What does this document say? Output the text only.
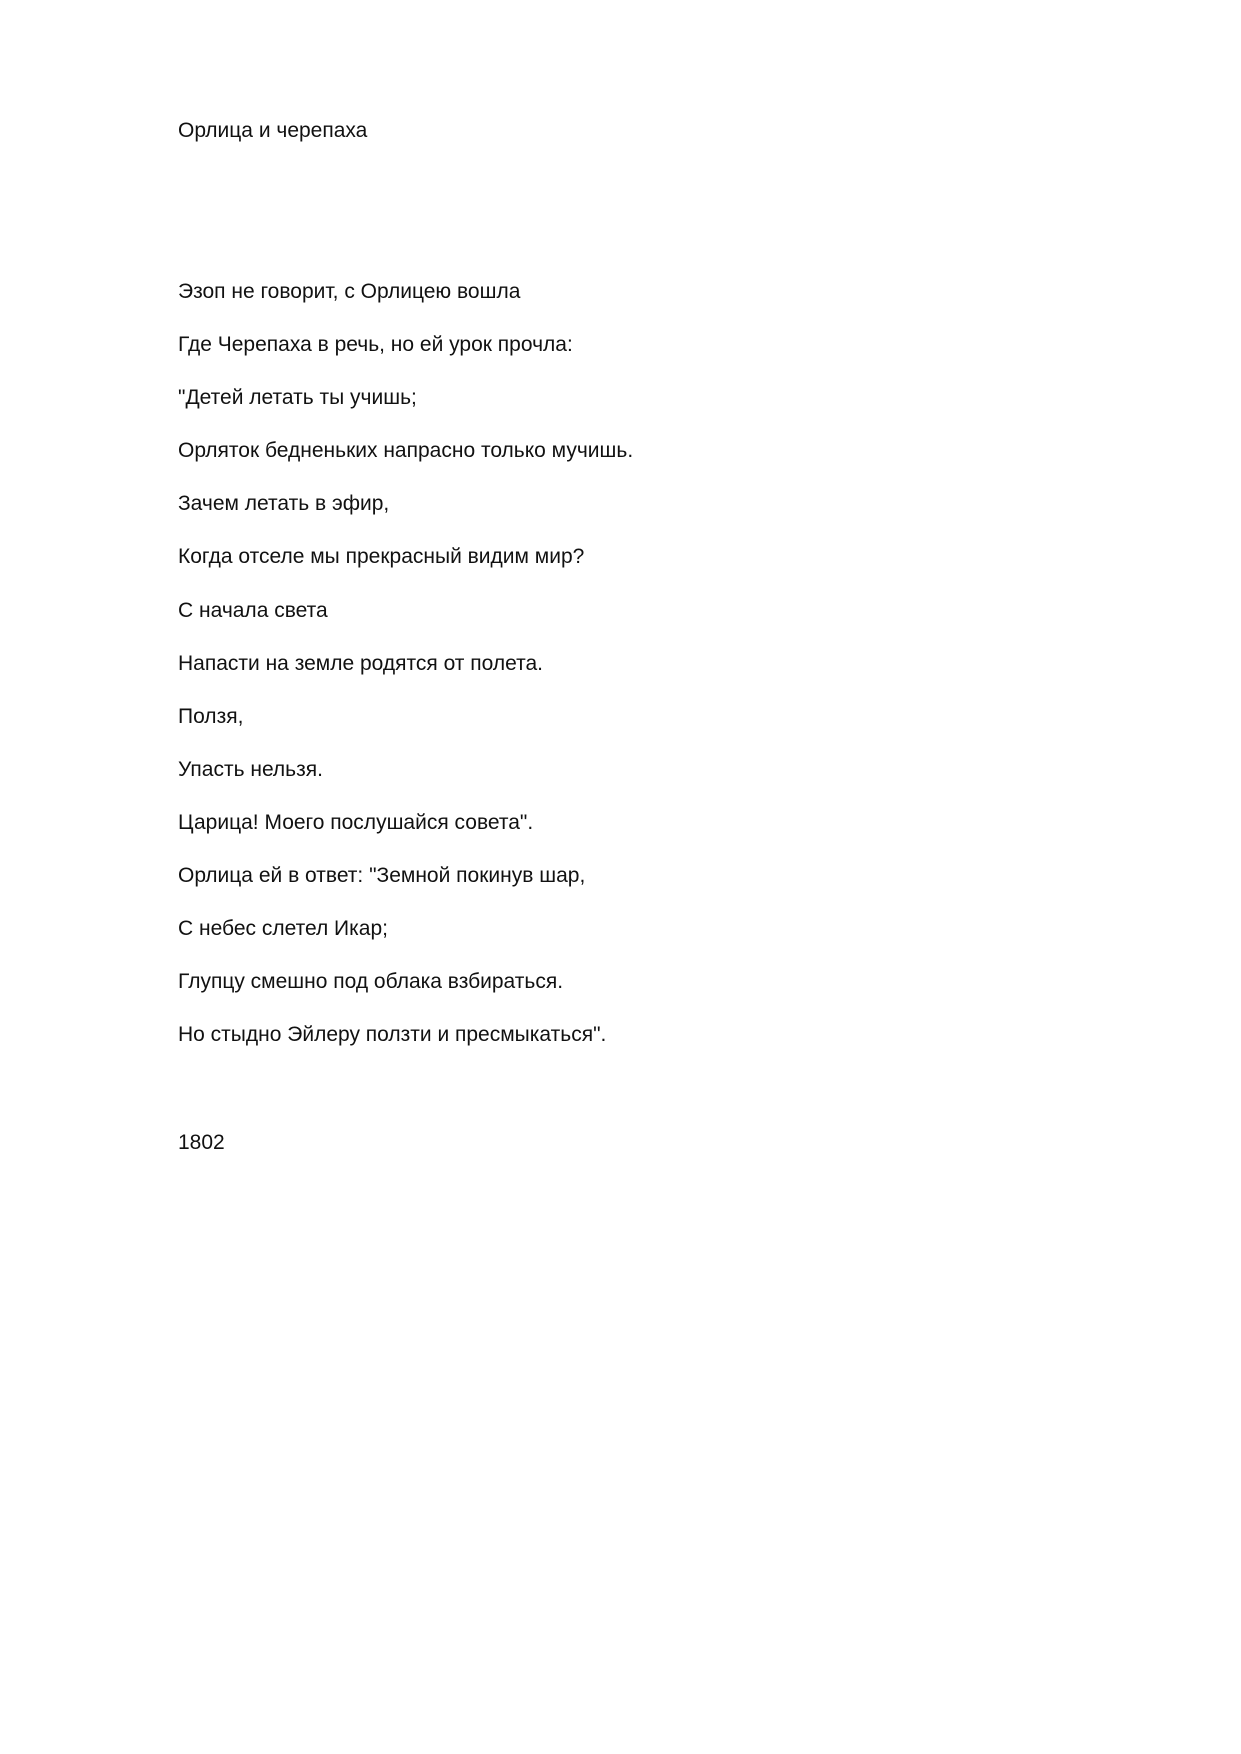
Орлица и черепаха
Эзоп не говорит, с Орлицею вошла
Где Черепаха в речь, но ей урок прочла:
"Детей летать ты учишь;
Орляток бедненьких напрасно только мучишь.
Зачем летать в эфир,
Когда отселе мы прекрасный видим мир?
С начала света
Напасти на земле родятся от полета.
Ползя,
Упасть нельзя.
Царица! Моего послушайся совета".
Орлица ей в ответ: "Земной покинув шар,
С небес слетел Икар;
Глупцу смешно под облака взбираться.
Но стыдно Эйлеру ползти и пресмыкаться".
1802
